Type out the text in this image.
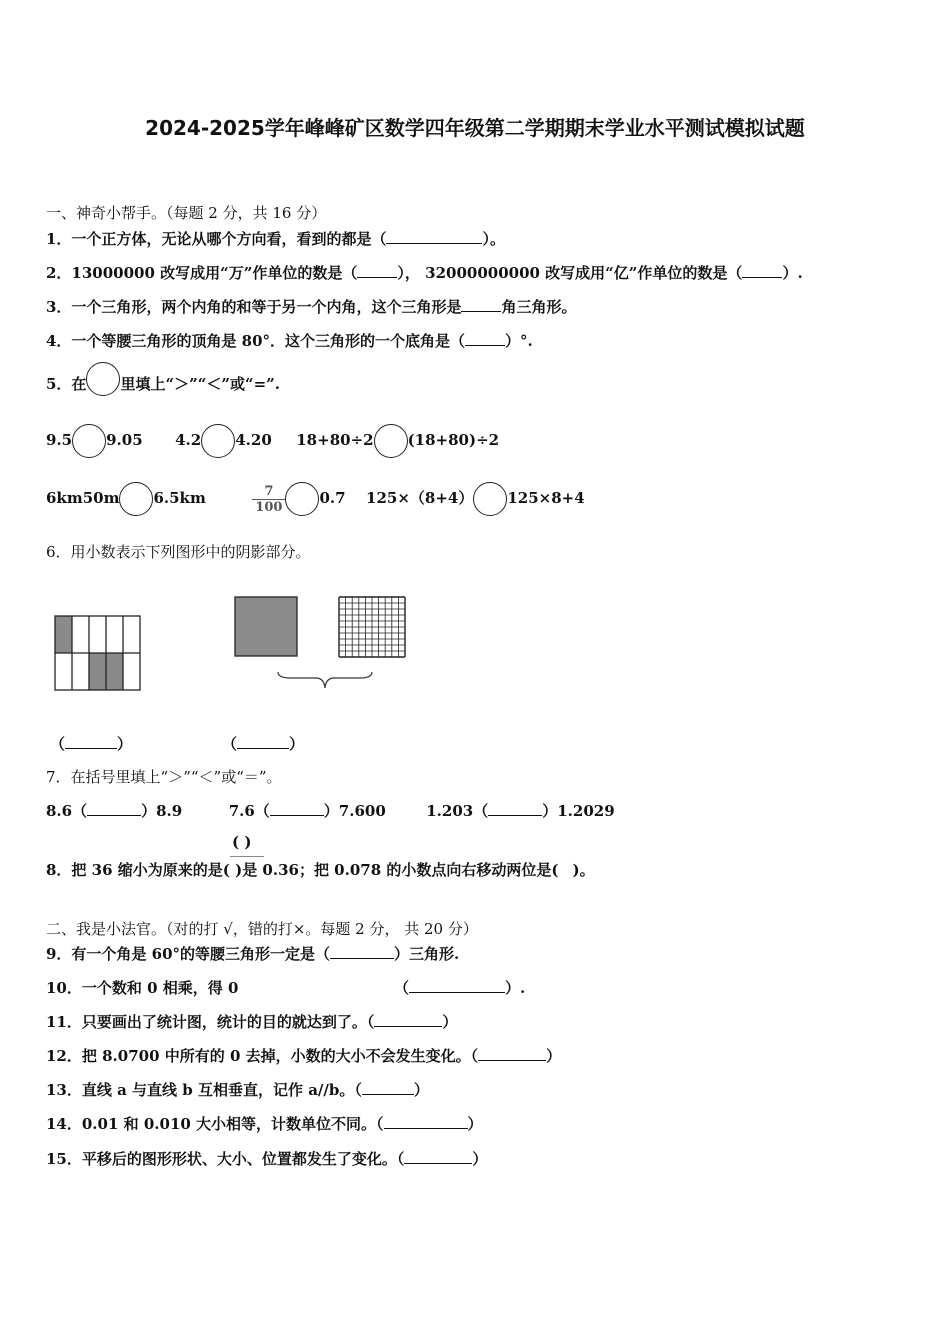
2024-2025学年峰峰矿区数学四年级第二学期期末学业水平测试模拟试题
一、神奇小帮手。（每题 2 分，共 16 分）
1．一个正方体，无论从哪个方向看，看到的都是（	）。
2．13000000 改写成用“万”作单位的数是（	）， 32000000000 改写成用“亿”作单位的数是（	）.
3．一个三角形，两个内角的和等于另一个内角，这个三角形是	角三角形。
4．一个等腰三角形的顶角是 80°．这个三角形的一个底角是（	）°.
5．在 里填上“＞”“＜”或“=”.
9.5 9.05 4.2 4.20 18+80÷2 (18+80)÷2
6km50m 6.5km	$\frac{7}{100} 0.7$ 125×（8+4） 125×8+4
6．用小数表示下列图形中的阴影部分。
（	）	（	）
7．在括号里填上“＞”“＜”或“＝”。
8.6（	）8.9	7.6（	）7.600	1.203（	）1.2029
( )
8．把 36 缩小为原来的是( )是 0.36；把 0.078 的小数点向右移动两位是( )。
二、我是小法官。（对的打 √，错的打×。每题 2 分， 共 20 分）
9．有一个角是 60°的等腰三角形一定是（	）三角形.
10．一个数和 0 相乘，得 0	（	）.
11．只要画出了统计图，统计的目的就达到了。（	）
12．把 8.0700 中所有的 0 去掉，小数的大小不会发生变化。（	）
13．直线 a 与直线 b 互相垂直，记作 a//b。（	）
14．0.01 和 0.010 大小相等，计数单位不同。（	）
15．平移后的图形形状、大小、位置都发生了变化。（	）
